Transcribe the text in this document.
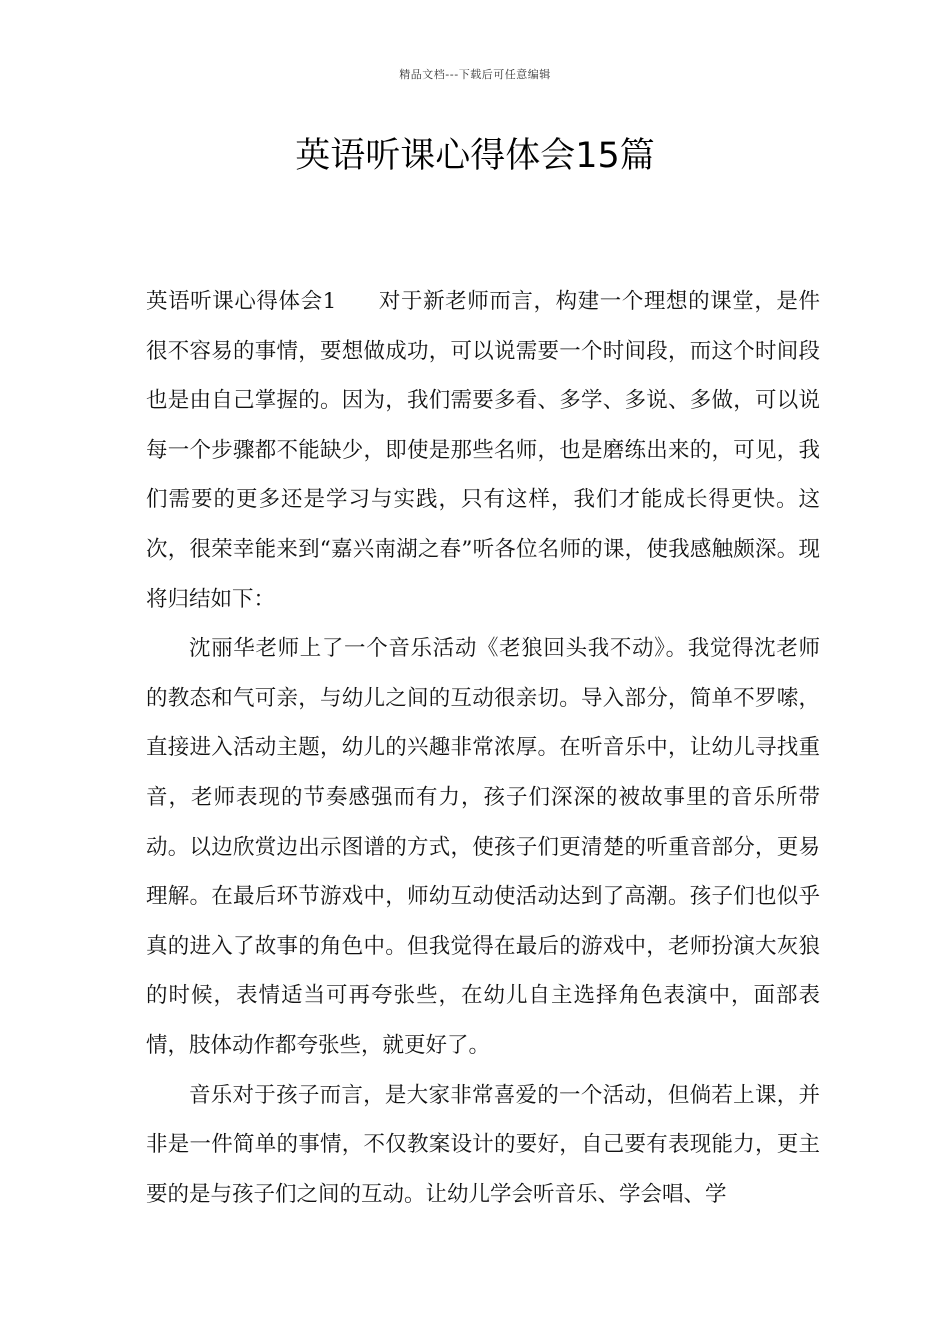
精品文档---下载后可任意编辑
英语听课心得体会15篇

英语听课心得体会1 对于新老师而言，构建一个理想的课堂，是件很不容易的事情，要想做成功，可以说需要一个时间段，而这个时间段也是由自己掌握的。因为，我们需要多看、多学、多说、多做，可以说每一个步骤都不能缺少，即使是那些名师，也是磨练出来的，可见，我们需要的更多还是学习与实践，只有这样，我们才能成长得更快。这次，很荣幸能来到“嘉兴南湖之春”听各位名师的课，使我感触颇深。现将归结如下：

沈丽华老师上了一个音乐活动《老狼回头我不动》。我觉得沈老师的教态和气可亲，与幼儿之间的互动很亲切。导入部分，简单不罗嗦，直接进入活动主题，幼儿的兴趣非常浓厚。在听音乐中，让幼儿寻找重音，老师表现的节奏感强而有力，孩子们深深的被故事里的音乐所带动。以边欣赏边出示图谱的方式，使孩子们更清楚的听重音部分，更易理解。在最后环节游戏中，师幼互动使活动达到了高潮。孩子们也似乎真的进入了故事的角色中。但我觉得在最后的游戏中，老师扮演大灰狼的时候，表情适当可再夸张些，在幼儿自主选择角色表演中，面部表情，肢体动作都夸张些，就更好了。

音乐对于孩子而言，是大家非常喜爱的一个活动，但倘若上课，并非是一件简单的事情，不仅教案设计的要好，自己要有表现能力，更主要的是与孩子们之间的互动。让幼儿学会听音乐、学会唱、学
